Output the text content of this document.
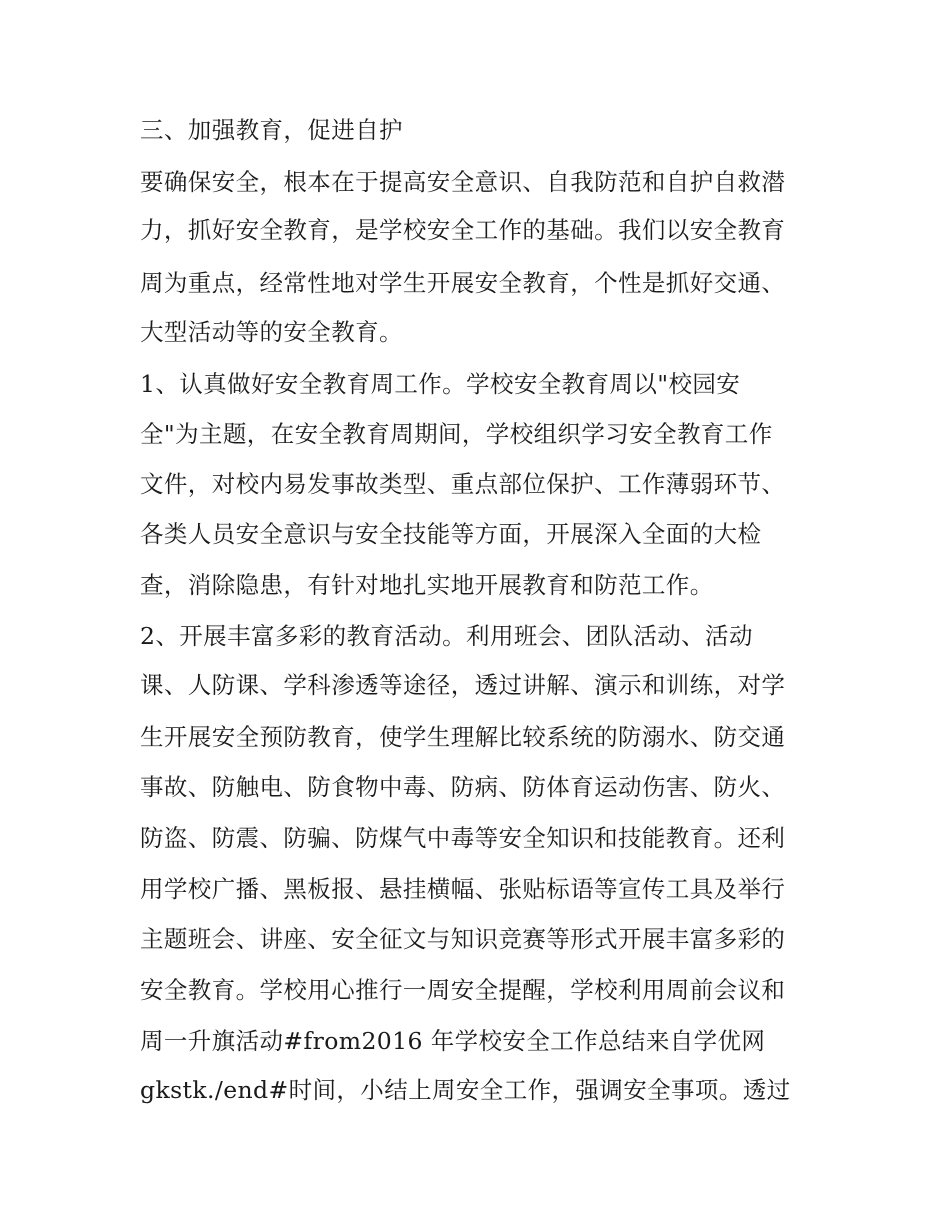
三、加强教育，促进自护
要确保安全，根本在于提高安全意识、自我防范和自护自救潜
力，抓好安全教育，是学校安全工作的基础。我们以安全教育
周为重点，经常性地对学生开展安全教育，个性是抓好交通、
大型活动等的安全教育。
1、认真做好安全教育周工作。学校安全教育周以"校园安
全"为主题，在安全教育周期间，学校组织学习安全教育工作
文件，对校内易发事故类型、重点部位保护、工作薄弱环节、
各类人员安全意识与安全技能等方面，开展深入全面的大检
查，消除隐患，有针对地扎实地开展教育和防范工作。
2、开展丰富多彩的教育活动。利用班会、团队活动、活动
课、人防课、学科渗透等途径，透过讲解、演示和训练，对学
生开展安全预防教育，使学生理解比较系统的防溺水、防交通
事故、防触电、防食物中毒、防病、防体育运动伤害、防火、
防盗、防震、防骗、防煤气中毒等安全知识和技能教育。还利
用学校广播、黑板报、悬挂横幅、张贴标语等宣传工具及举行
主题班会、讲座、安全征文与知识竞赛等形式开展丰富多彩的
安全教育。学校用心推行一周安全提醒，学校利用周前会议和
周一升旗活动#from2016 年学校安全工作总结来自学优网
gkstk./end#时间，小结上周安全工作，强调安全事项。透过
